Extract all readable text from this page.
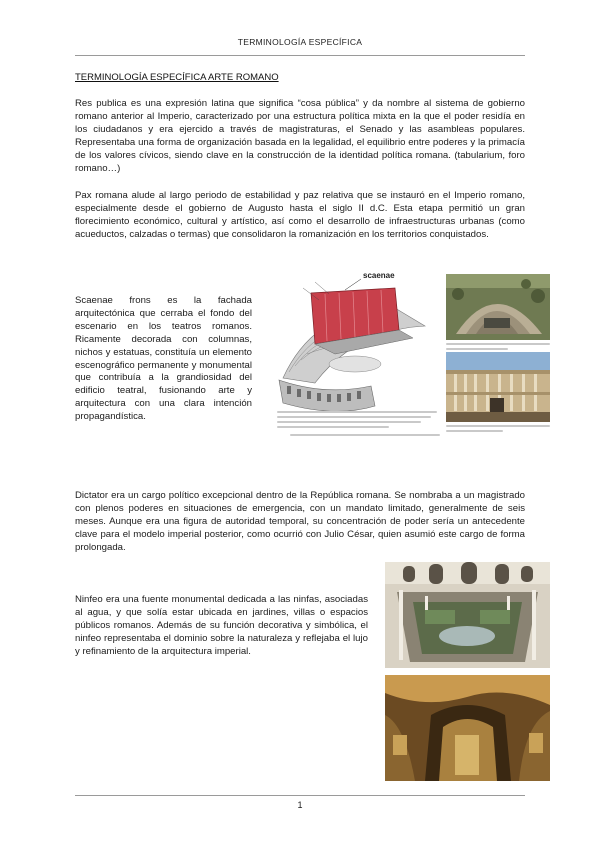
TERMINOLOGÍA ESPECÍFICA
TERMINOLOGÍA ESPECÍFICA ARTE ROMANO
Res publica es una expresión latina que significa “cosa pública” y da nombre al sistema de gobierno romano anterior al Imperio, caracterizado por una estructura política mixta en la que el poder residía en los ciudadanos y era ejercido a través de magistraturas, el Senado y las asambleas populares. Representaba una forma de organización basada en la legalidad, el equilibrio entre poderes y la primacía de los valores cívicos, siendo clave en la construcción de la identidad política romana. (tabularium, foro romano…)
Pax romana alude al largo periodo de estabilidad y paz relativa que se instauró en el Imperio romano, especialmente desde el gobierno de Augusto hasta el siglo II d.C. Esta etapa permitió un gran florecimiento económico, cultural y artístico, así como el desarrollo de infraestructuras urbanas (como acueductos, calzadas o termas) que consolidaron la romanización en los territorios conquistados.
Scaenae frons es la fachada arquitectónica que cerraba el fondo del escenario en los teatros romanos. Ricamente decorada con columnas, nichos y estatuas, constituía un elemento escenográfico permanente y monumental que contribuía a la grandiosidad del edificio teatral, fusionando arte y arquitectura con una clara intención propagandística.
scaenae
Dictator era un cargo político excepcional dentro de la República romana. Se nombraba a un magistrado con plenos poderes en situaciones de emergencia, con un mandato limitado, generalmente de seis meses. Aunque era una figura de autoridad temporal, su concentración de poder sería un antecedente clave para el modelo imperial posterior, como ocurrió con Julio César, quien asumió este cargo de forma prolongada.
Ninfeo era una fuente monumental dedicada a las ninfas, asociadas al agua, y que solía estar ubicada en jardines, villas o espacios públicos romanos. Además de su función decorativa y simbólica, el ninfeo representaba el dominio sobre la naturaleza y reflejaba el lujo y refinamiento de la arquitectura imperial.
1
